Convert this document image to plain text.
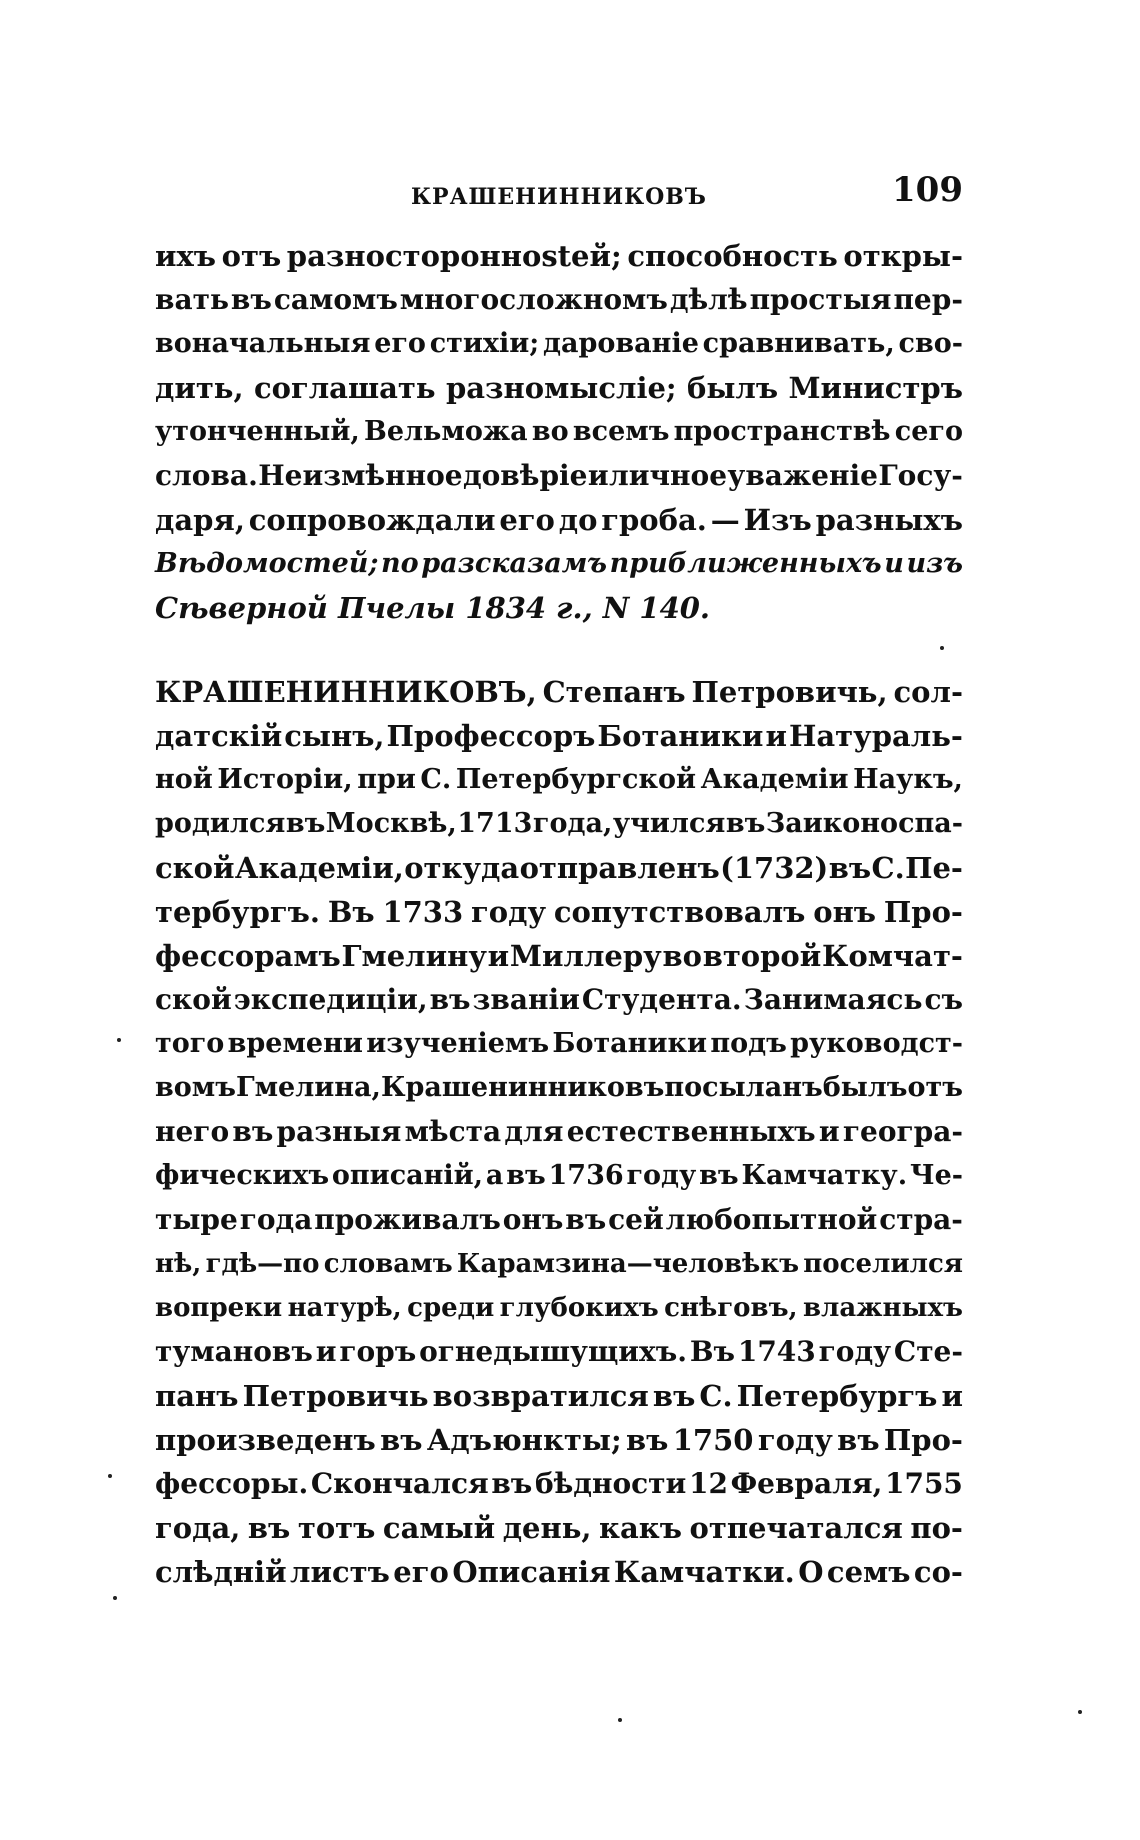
КРАШЕНИННИКОВЪ	109
ихъ отъ разностороннostей; способность откры-
вать въ самомъ многосложномъ дѣлѣ простыя пер-
воначальныя его стихіи; дарованіе сравнивать, сво-
дить, соглашать разномыслie; былъ Министръ
утонченный, Вельможа во всемъ пространствѣ сего
слова. Неизмѣнное довѣріе и личное уваженіе Госу-
даря, сопровождали его до гроба. — Изъ разныхъ
Вѣдомостей; по разсказамъ приближенныхъ и изъ
Сѣверной Пчелы 1834 г., N 140.
КРАШЕНИННИКОВЪ, Степанъ Петровичь, сол-
датскій сынъ, Профессоръ Ботаники и Натураль-
ной Исторіи, при С. Петербургской Академіи Наукъ,
родился въ Москвѣ, 1713 года, учился въ Заиконоспа-
ской Академіи, откуда отправленъ (1732) въ С. Пе-
тербургъ. Въ 1733 году сопутствовалъ онъ Про-
фессорамъ Гмелину и Миллеру во второй Комчат-
ской экспедиціи, въ званіи Студента. Занимаясь съ
того времени изученіемъ Ботаники подъ руководст-
вомъ Гмелина, Крашенинниковъ посыланъ былъ отъ
него въ разныя мѣста для естественныхъ и геогра-
фическихъ описаній, а въ 1736 году въ Камчатку. Че-
тыре года проживалъ онъ въ сей любопытной стра-
нѣ, гдѣ—по словамъ Карамзина—человѣкъ поселился
вопреки натурѣ, среди глубокихъ снѣговъ, влажныхъ
тумановъ и горъ огнедышущихъ. Въ 1743 году Сте-
панъ Петровичь возвратился въ С. Петербургъ и
произведенъ въ Адъюнкты; въ 1750 году въ Про-
фессоры. Скончался въ бѣдности 12 Февраля, 1755
года, въ тотъ самый день, какъ отпечатался по-
слѣдній листъ его Описанія Камчатки. О семъ со-
